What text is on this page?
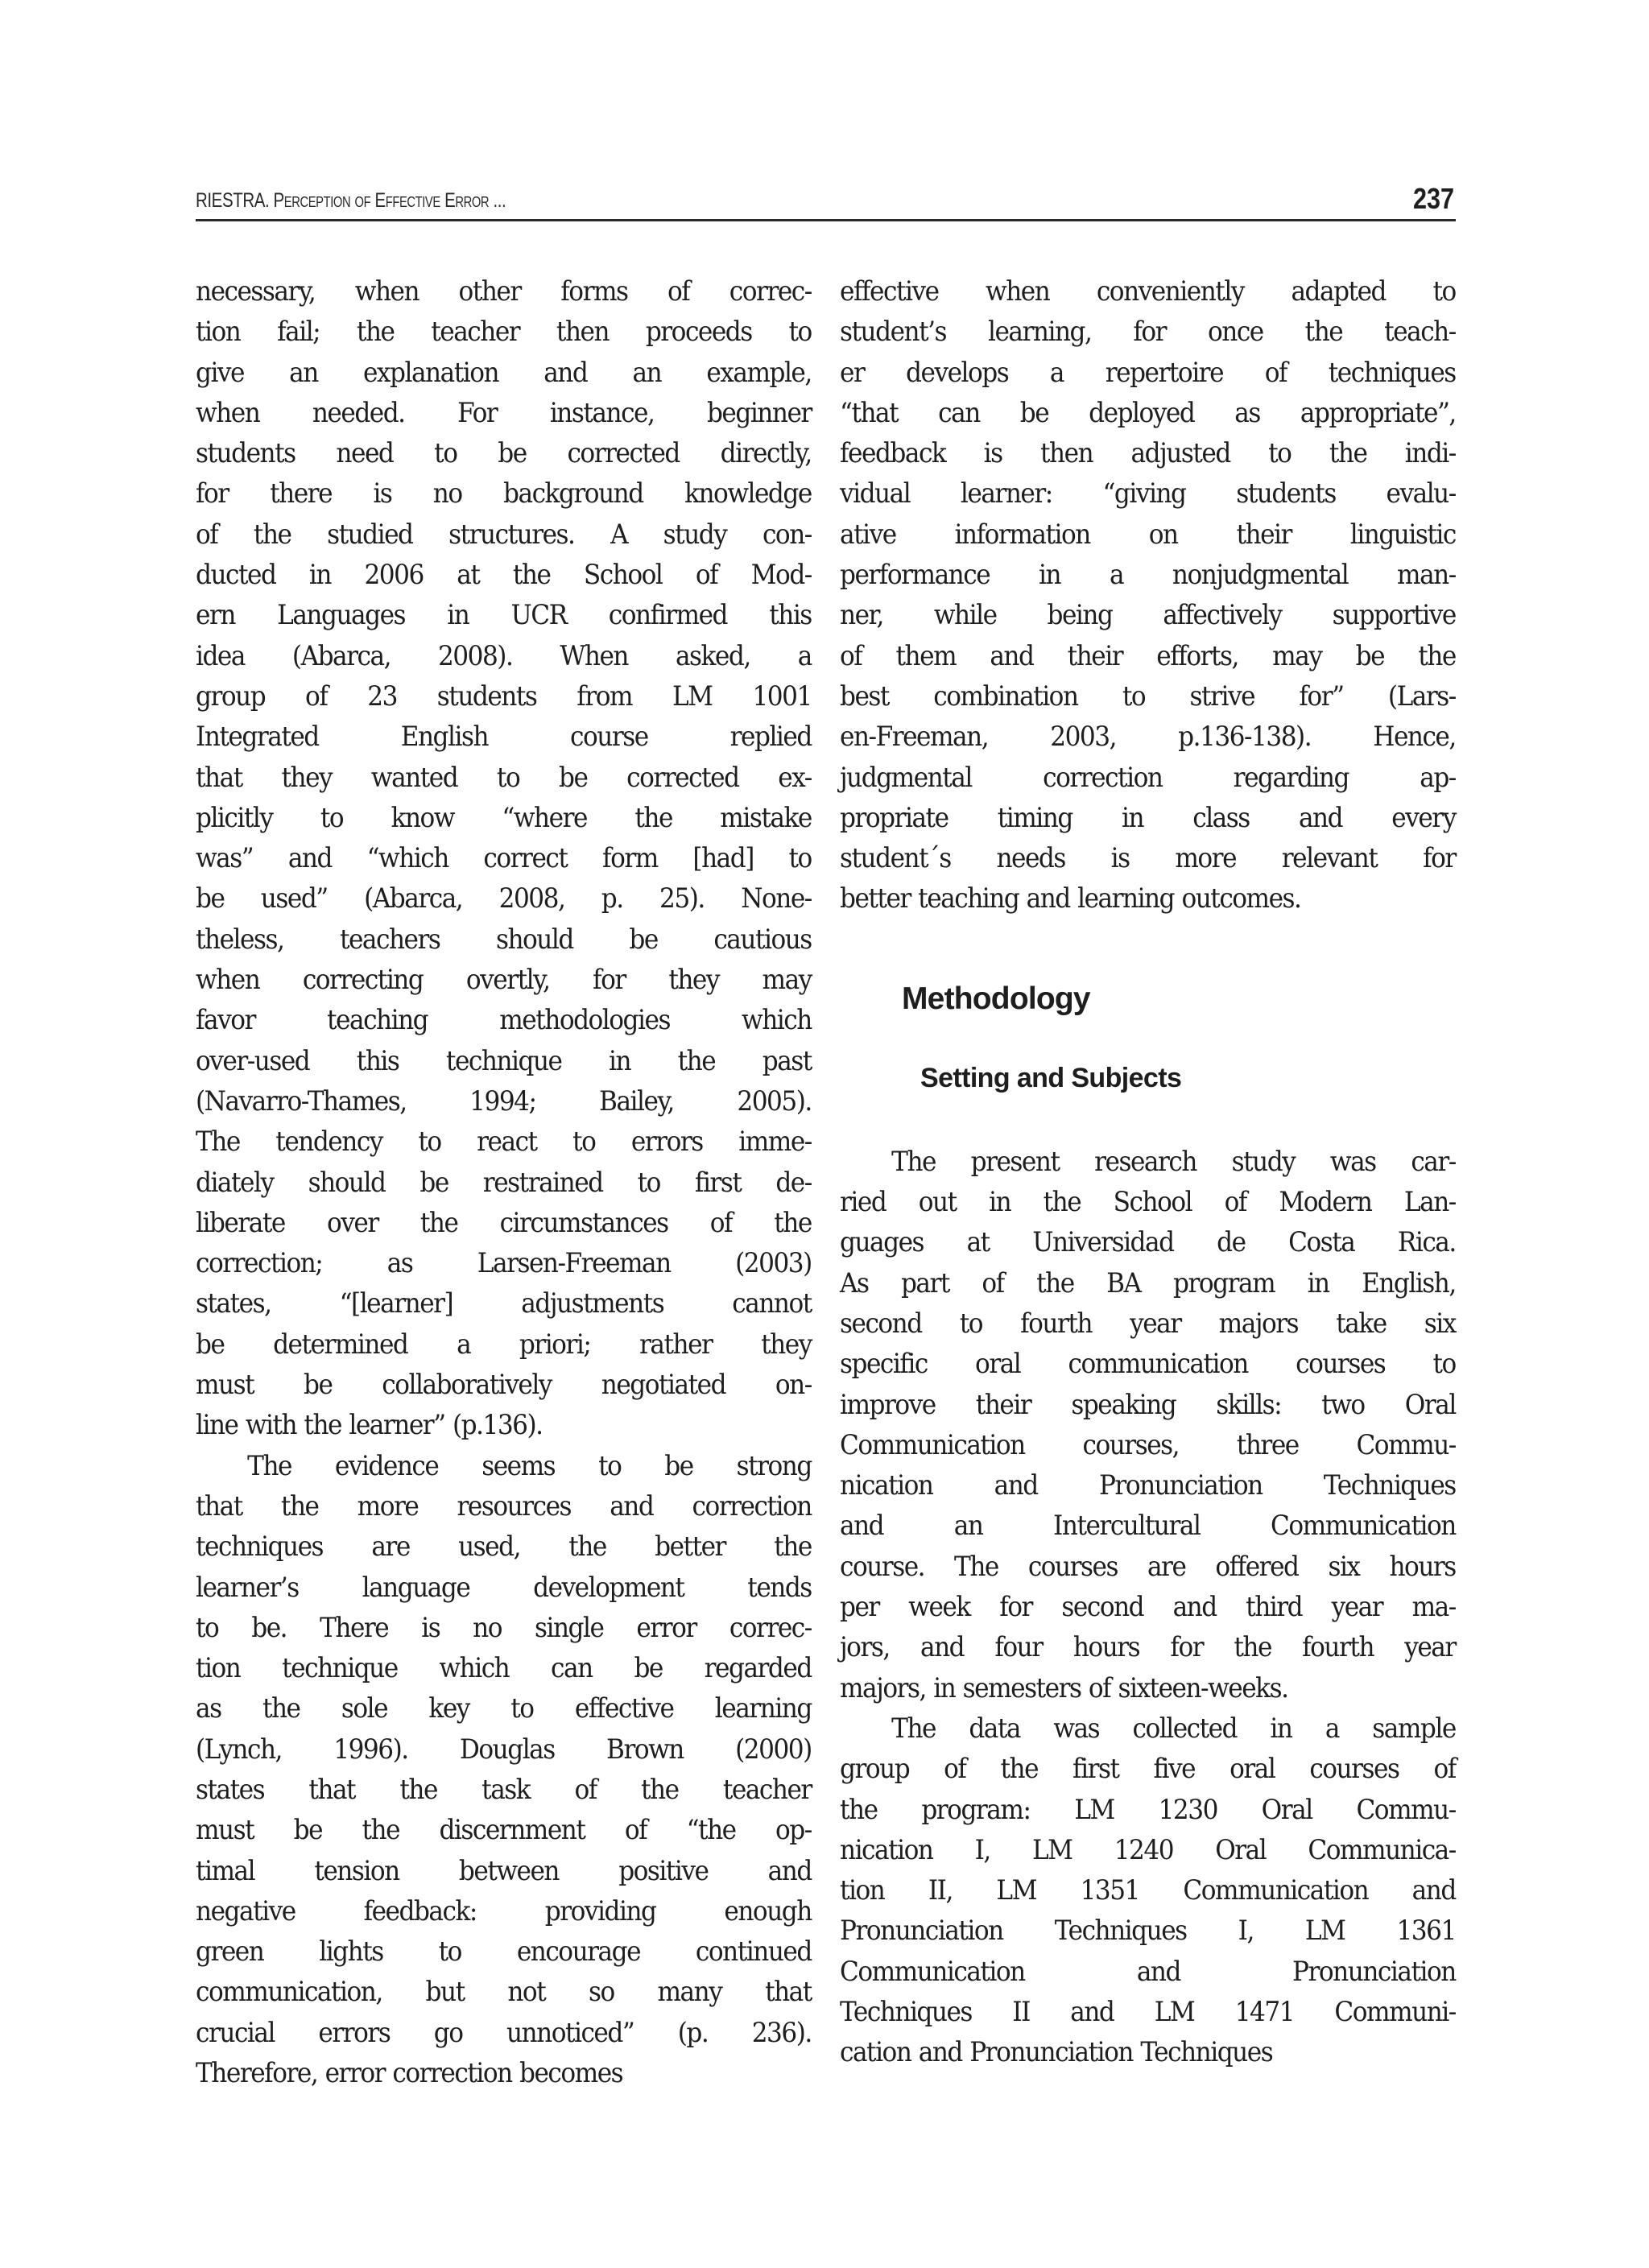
RIESTRA. Perception of Effective Error ...	237
necessary, when other forms of correc-
tion fail; the teacher then proceeds to
give an explanation and an example,
when needed. For instance, beginner
students need to be corrected directly,
for there is no background knowledge
of the studied structures. A study con-
ducted in 2006 at the School of Mod-
ern Languages in UCR confirmed this
idea (Abarca, 2008). When asked, a
group of 23 students from LM 1001
Integrated English course replied
that they wanted to be corrected ex-
plicitly to know “where the mistake
was” and “which correct form [had] to
be used” (Abarca, 2008, p. 25). None-
theless, teachers should be cautious
when correcting overtly, for they may
favor teaching methodologies which
over-used this technique in the past
(Navarro-Thames, 1994; Bailey, 2005).
The tendency to react to errors imme-
diately should be restrained to first de-
liberate over the circumstances of the
correction; as Larsen-Freeman (2003)
states, “[learner] adjustments cannot
be determined a priori; rather they
must be collaboratively negotiated on-
line with the learner” (p.136).
The evidence seems to be strong
that the more resources and correction
techniques are used, the better the
learner’s language development tends
to be. There is no single error correc-
tion technique which can be regarded
as the sole key to effective learning
(Lynch, 1996). Douglas Brown (2000)
states that the task of the teacher
must be the discernment of “the op-
timal tension between positive and
negative feedback: providing enough
green lights to encourage continued
communication, but not so many that
crucial errors go unnoticed” (p. 236).
Therefore, error correction becomes
effective when conveniently adapted to
student’s learning, for once the teach-
er develops a repertoire of techniques
“that can be deployed as appropriate”,
feedback is then adjusted to the indi-
vidual learner: “giving students evalu-
ative information on their linguistic
performance in a nonjudgmental man-
ner, while being affectively supportive
of them and their efforts, may be the
best combination to strive for” (Lars-
en-Freeman, 2003, p.136-138). Hence,
judgmental correction regarding ap-
propriate timing in class and every
student´s needs is more relevant for
better teaching and learning outcomes.
Methodology
Setting and Subjects
The present research study was car-
ried out in the School of Modern Lan-
guages at Universidad de Costa Rica.
As part of the BA program in English,
second to fourth year majors take six
specific oral communication courses to
improve their speaking skills: two Oral
Communication courses, three Commu-
nication and Pronunciation Techniques
and an Intercultural Communication
course. The courses are offered six hours
per week for second and third year ma-
jors, and four hours for the fourth year
majors, in semesters of sixteen-weeks.
The data was collected in a sample
group of the first five oral courses of
the program: LM 1230 Oral Commu-
nication I, LM 1240 Oral Communica-
tion II, LM 1351 Communication and
Pronunciation Techniques I, LM 1361
Communication and Pronunciation
Techniques II and LM 1471 Communi-
cation and Pronunciation Techniques
